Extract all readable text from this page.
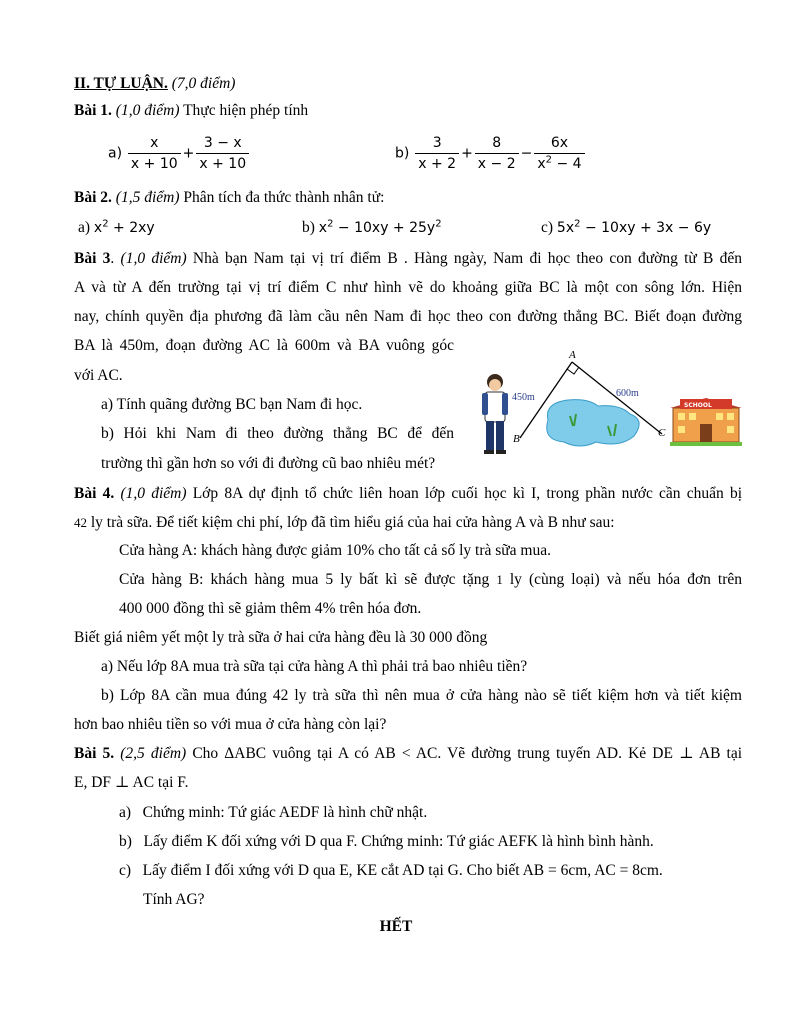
II. TỰ LUẬN. (7,0 điểm)
Bài 1. (1,0 điểm) Thực hiện phép tính
$a) \frac{x}{x + 10} + \frac{3 - x}{x + 10}$	$b) \frac{3}{x + 2} + \frac{8}{x - 2} - \frac{6x}{x^2 - 4}$
Bài 2. (1,5 điểm) Phân tích đa thức thành nhân tử:
a) $x^2 + 2xy$	b) $x^2 - 10xy + 25y^2$	c) $5x^2 - 10xy + 3x - 6y$
Bài 3. (1,0 điểm) Nhà bạn Nam tại vị trí điểm B . Hàng ngày, Nam đi học theo con đường từ B đến
A và từ A đến trường tại vị trí điểm C như hình vẽ do khoảng giữa BC là một con sông lớn. Hiện
nay, chính quyền địa phương đã làm cầu nên Nam đi học theo con đường thẳng BC. Biết đoạn đường
BA là 450m, đoạn đường AC là 600m và BA vuông góc
với AC.
a) Tính quãng đường BC bạn Nam đi học.
b) Hỏi khi Nam đi theo đường thẳng BC để đến
trường thì gần hơn so với đi đường cũ bao nhiêu mét?
A
B	C
450m	600m
SCHOOL
Bài 4. (1,0 điểm) Lớp 8A dự định tổ chức liên hoan lớp cuối học kì I, trong phần nước cần chuẩn bị
42 ly trà sữa. Để tiết kiệm chi phí, lớp đã tìm hiểu giá của hai cửa hàng A và B như sau:
Cửa hàng A: khách hàng được giảm 10% cho tất cả số ly trà sữa mua.
Cửa hàng B: khách hàng mua 5 ly bất kì sẽ được tặng 1 ly (cùng loại) và nếu hóa đơn trên
400 000 đồng thì sẽ giảm thêm 4% trên hóa đơn.
Biết giá niêm yết một ly trà sữa ở hai cửa hàng đều là 30 000 đồng
a) Nếu lớp 8A mua trà sữa tại cửa hàng A thì phải trả bao nhiêu tiền?
b) Lớp 8A cần mua đúng 42 ly trà sữa thì nên mua ở cửa hàng nào sẽ tiết kiệm hơn và tiết kiệm
hơn bao nhiêu tiền so với mua ở cửa hàng còn lại?
Bài 5. (2,5 điểm) Cho ΔABC vuông tại A có AB < AC. Vẽ đường trung tuyến AD. Kẻ DE ⊥ AB tại
E, DF ⊥ AC tại F.
a) Chứng minh: Tứ giác AEDF là hình chữ nhật.
b) Lấy điểm K đối xứng với D qua F. Chứng minh: Tứ giác AEFK là hình bình hành.
c) Lấy điểm I đối xứng với D qua E, KE cắt AD tại G. Cho biết AB = 6cm, AC = 8cm.
Tính AG?
HẾT
